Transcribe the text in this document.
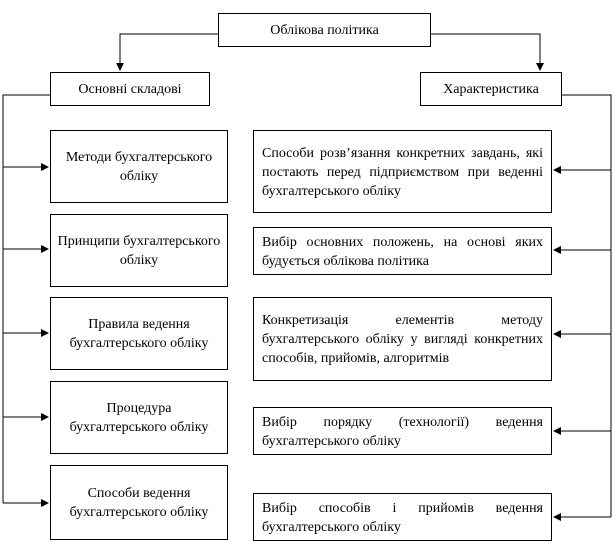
Облікова політика
Основні складові	Характеристика
Методи бухгалтерського обліку
Принципи бухгалтерського обліку
Правила ведення бухгалтерського обліку
Процедура бухгалтерського обліку
Способи ведення бухгалтерського обліку
Способи розв’язання конкретних завдань, які постають перед підприємством при веденні бухгалтерського обліку
Вибір основних положень, на основі яких будується облікова політика
Конкретизація елементів методу бухгалтерського обліку у вигляді конкретних способів, прийомів, алгоритмів
Вибір порядку (технології) ведення бухгалтерського обліку
Вибір способів і прийомів ведення бухгалтерського обліку
